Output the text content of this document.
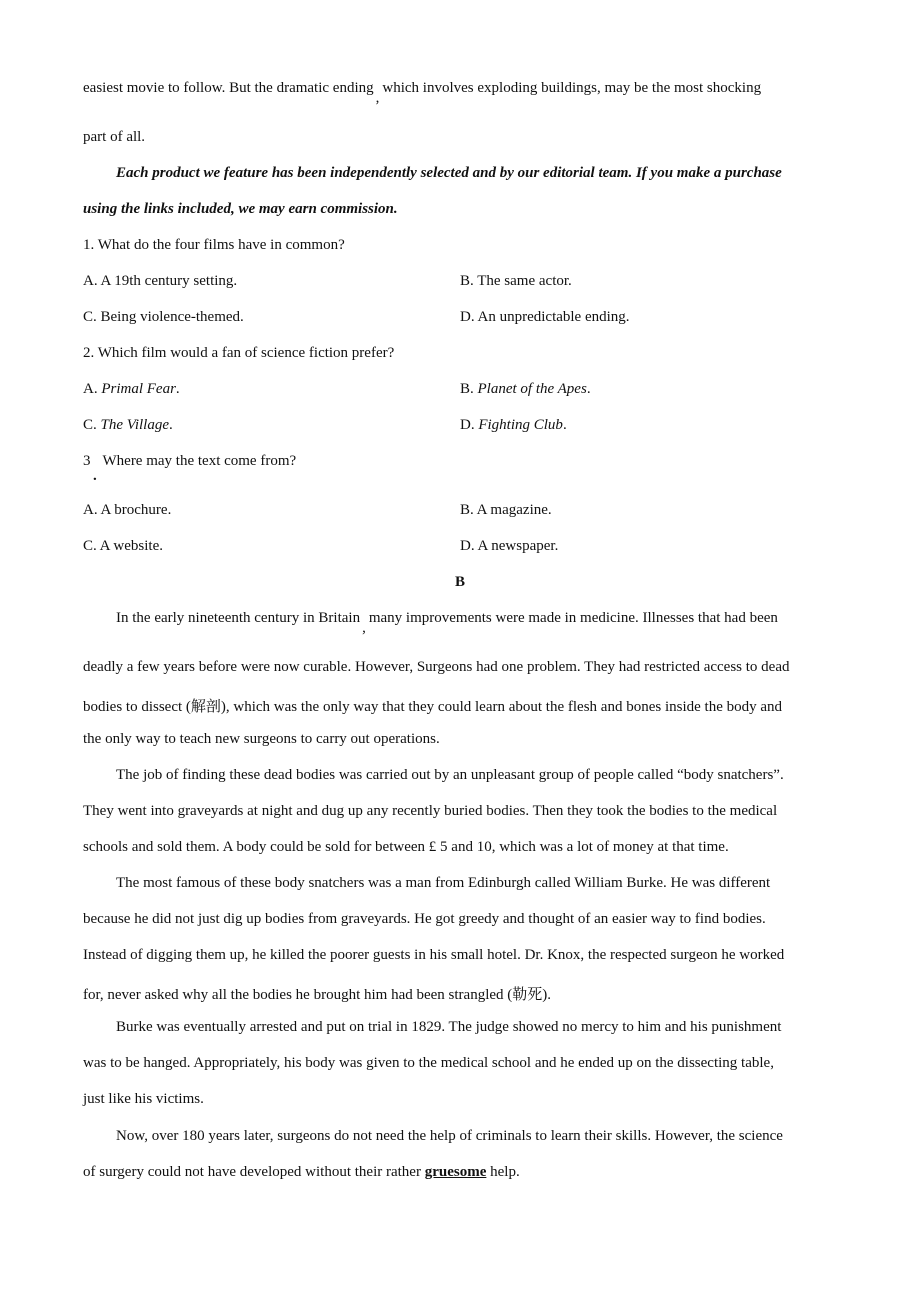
easiest movie to follow. But the dramatic ending,which involves exploding buildings, may be the most shocking
part of all.
Each product we feature has been independently selected and by our editorial team. If you make a purchase
using the links included, we may earn commission.
1. What do the four films have in common?
A. A 19th century setting.	B. The same actor.
C. Being violence-themed.	D. An unpredictable ending.
2. Which film would a fan of science fiction prefer?
A. Primal Fear.	B. Planet of the Apes.
C. The Village.	D. Fighting Club.
3 Where may the text come from?
.
A. A brochure.	B. A magazine.
C. A website.	D. A newspaper.
B
In the early nineteenth century in Britain,many improvements were made in medicine. Illnesses that had been
deadly a few years before were now curable. However, Surgeons had one problem. They had restricted access to dead
bodies to dissect (解剖), which was the only way that they could learn about the flesh and bones inside the body and
the only way to teach new surgeons to carry out operations.
The job of finding these dead bodies was carried out by an unpleasant group of people called “body snatchers”.
They went into graveyards at night and dug up any recently buried bodies. Then they took the bodies to the medical
schools and sold them. A body could be sold for between £ 5 and 10, which was a lot of money at that time.
The most famous of these body snatchers was a man from Edinburgh called William Burke. He was different
because he did not just dig up bodies from graveyards. He got greedy and thought of an easier way to find bodies.
Instead of digging them up, he killed the poorer guests in his small hotel. Dr. Knox, the respected surgeon he worked
for, never asked why all the bodies he brought him had been strangled (勒死).
Burke was eventually arrested and put on trial in 1829. The judge showed no mercy to him and his punishment
was to be hanged. Appropriately, his body was given to the medical school and he ended up on the dissecting table,
just like his victims.
Now, over 180 years later, surgeons do not need the help of criminals to learn their skills. However, the science
of surgery could not have developed without their rather gruesome help.
